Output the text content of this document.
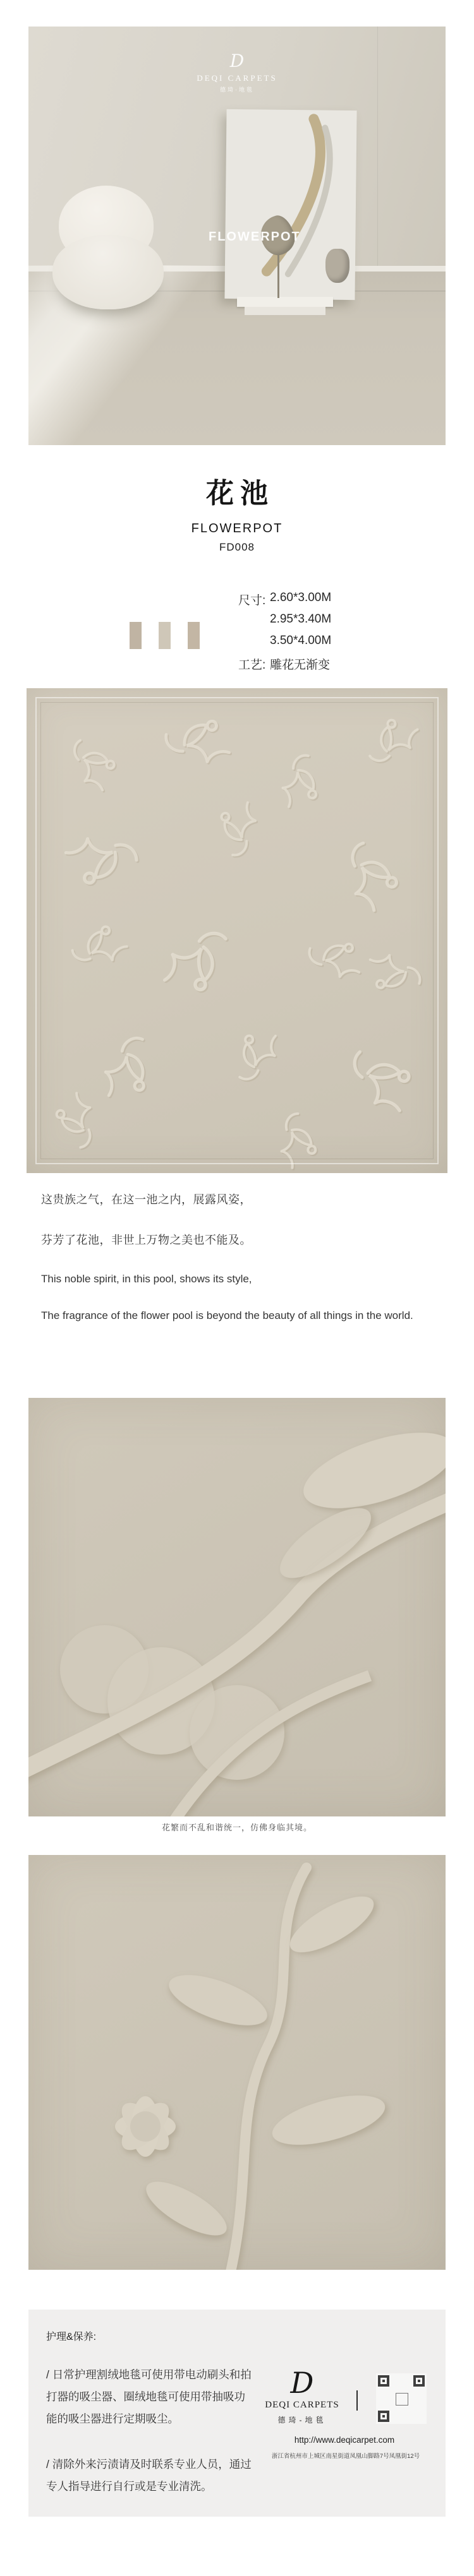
D
DEQI CARPETS
德琦·地毯
FLOWERPOT
花池
FLOWERPOT
FD008
尺寸: 2.60*3.00M
2.95*3.40M
3.50*4.00M
工艺: 雕花无渐变
这贵族之气，在这一池之内，展露风姿，
芬芳了花池，非世上万物之美也不能及。
This noble spirit, in this pool, shows its style,
The fragrance of the flower pool is beyond the beauty of all things in the world.
花繁而不乱和谐统一，仿佛身临其境。
护理&保养:
/ 日常护理割绒地毯可使用带电动刷头和拍打器的吸尘器、圈绒地毯可使用带抽吸功能的吸尘器进行定期吸尘。
/ 清除外来污渍请及时联系专业人员，通过专人指导进行自行或是专业清洗。
D
DEQI CARPETS
德琦-地毯
http://www.deqicarpet.com
浙江省杭州市上城区南星街道凤凰山脚路7号凤凰街12号
